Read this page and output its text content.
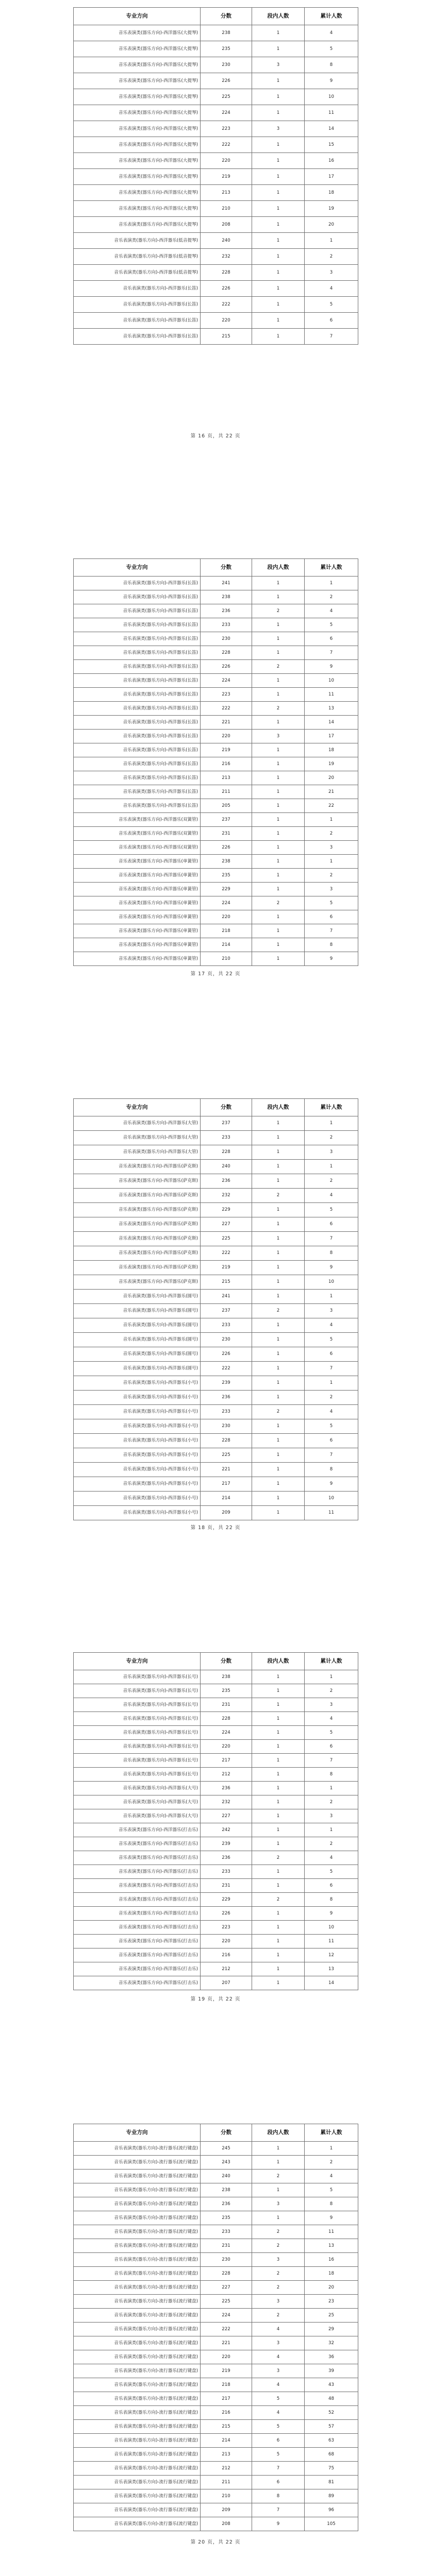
专业方向	分数	段内人数	累计人数
音乐表演类(器乐方向)-西洋器乐(大提琴)	238	1	4
音乐表演类(器乐方向)-西洋器乐(大提琴)	235	1	5
音乐表演类(器乐方向)-西洋器乐(大提琴)	230	3	8
音乐表演类(器乐方向)-西洋器乐(大提琴)	226	1	9
音乐表演类(器乐方向)-西洋器乐(大提琴)	225	1	10
音乐表演类(器乐方向)-西洋器乐(大提琴)	224	1	11
音乐表演类(器乐方向)-西洋器乐(大提琴)	223	3	14
音乐表演类(器乐方向)-西洋器乐(大提琴)	222	1	15
音乐表演类(器乐方向)-西洋器乐(大提琴)	220	1	16
音乐表演类(器乐方向)-西洋器乐(大提琴)	219	1	17
音乐表演类(器乐方向)-西洋器乐(大提琴)	213	1	18
音乐表演类(器乐方向)-西洋器乐(大提琴)	210	1	19
音乐表演类(器乐方向)-西洋器乐(大提琴)	208	1	20
音乐表演类(器乐方向)-西洋器乐(低音提琴)	240	1	1
音乐表演类(器乐方向)-西洋器乐(低音提琴)	232	1	2
音乐表演类(器乐方向)-西洋器乐(低音提琴)	228	1	3
音乐表演类(器乐方向)-西洋器乐(长笛)	226	1	4
音乐表演类(器乐方向)-西洋器乐(长笛)	222	1	5
音乐表演类(器乐方向)-西洋器乐(长笛)	220	1	6
音乐表演类(器乐方向)-西洋器乐(长笛)	215	1	7
第 16 页，共 22 页
专业方向	分数	段内人数	累计人数
音乐表演类(器乐方向)-西洋器乐(长笛)	241	1	1
音乐表演类(器乐方向)-西洋器乐(长笛)	238	1	2
音乐表演类(器乐方向)-西洋器乐(长笛)	236	2	4
音乐表演类(器乐方向)-西洋器乐(长笛)	233	1	5
音乐表演类(器乐方向)-西洋器乐(长笛)	230	1	6
音乐表演类(器乐方向)-西洋器乐(长笛)	228	1	7
音乐表演类(器乐方向)-西洋器乐(长笛)	226	2	9
音乐表演类(器乐方向)-西洋器乐(长笛)	224	1	10
音乐表演类(器乐方向)-西洋器乐(长笛)	223	1	11
音乐表演类(器乐方向)-西洋器乐(长笛)	222	2	13
音乐表演类(器乐方向)-西洋器乐(长笛)	221	1	14
音乐表演类(器乐方向)-西洋器乐(长笛)	220	3	17
音乐表演类(器乐方向)-西洋器乐(长笛)	219	1	18
音乐表演类(器乐方向)-西洋器乐(长笛)	216	1	19
音乐表演类(器乐方向)-西洋器乐(长笛)	213	1	20
音乐表演类(器乐方向)-西洋器乐(长笛)	211	1	21
音乐表演类(器乐方向)-西洋器乐(长笛)	205	1	22
音乐表演类(器乐方向)-西洋器乐(双簧管)	237	1	1
音乐表演类(器乐方向)-西洋器乐(双簧管)	231	1	2
音乐表演类(器乐方向)-西洋器乐(双簧管)	226	1	3
音乐表演类(器乐方向)-西洋器乐(单簧管)	238	1	1
音乐表演类(器乐方向)-西洋器乐(单簧管)	235	1	2
音乐表演类(器乐方向)-西洋器乐(单簧管)	229	1	3
音乐表演类(器乐方向)-西洋器乐(单簧管)	224	2	5
音乐表演类(器乐方向)-西洋器乐(单簧管)	220	1	6
音乐表演类(器乐方向)-西洋器乐(单簧管)	218	1	7
音乐表演类(器乐方向)-西洋器乐(单簧管)	214	1	8
音乐表演类(器乐方向)-西洋器乐(单簧管)	210	1	9
第 17 页，共 22 页
专业方向	分数	段内人数	累计人数
音乐表演类(器乐方向)-西洋器乐(大管)	237	1	1
音乐表演类(器乐方向)-西洋器乐(大管)	233	1	2
音乐表演类(器乐方向)-西洋器乐(大管)	228	1	3
音乐表演类(器乐方向)-西洋器乐(萨克斯)	240	1	1
音乐表演类(器乐方向)-西洋器乐(萨克斯)	236	1	2
音乐表演类(器乐方向)-西洋器乐(萨克斯)	232	2	4
音乐表演类(器乐方向)-西洋器乐(萨克斯)	229	1	5
音乐表演类(器乐方向)-西洋器乐(萨克斯)	227	1	6
音乐表演类(器乐方向)-西洋器乐(萨克斯)	225	1	7
音乐表演类(器乐方向)-西洋器乐(萨克斯)	222	1	8
音乐表演类(器乐方向)-西洋器乐(萨克斯)	219	1	9
音乐表演类(器乐方向)-西洋器乐(萨克斯)	215	1	10
音乐表演类(器乐方向)-西洋器乐(圆号)	241	1	1
音乐表演类(器乐方向)-西洋器乐(圆号)	237	2	3
音乐表演类(器乐方向)-西洋器乐(圆号)	233	1	4
音乐表演类(器乐方向)-西洋器乐(圆号)	230	1	5
音乐表演类(器乐方向)-西洋器乐(圆号)	226	1	6
音乐表演类(器乐方向)-西洋器乐(圆号)	222	1	7
音乐表演类(器乐方向)-西洋器乐(小号)	239	1	1
音乐表演类(器乐方向)-西洋器乐(小号)	236	1	2
音乐表演类(器乐方向)-西洋器乐(小号)	233	2	4
音乐表演类(器乐方向)-西洋器乐(小号)	230	1	5
音乐表演类(器乐方向)-西洋器乐(小号)	228	1	6
音乐表演类(器乐方向)-西洋器乐(小号)	225	1	7
音乐表演类(器乐方向)-西洋器乐(小号)	221	1	8
音乐表演类(器乐方向)-西洋器乐(小号)	217	1	9
音乐表演类(器乐方向)-西洋器乐(小号)	214	1	10
音乐表演类(器乐方向)-西洋器乐(小号)	209	1	11
第 18 页，共 22 页
专业方向	分数	段内人数	累计人数
音乐表演类(器乐方向)-西洋器乐(长号)	238	1	1
音乐表演类(器乐方向)-西洋器乐(长号)	235	1	2
音乐表演类(器乐方向)-西洋器乐(长号)	231	1	3
音乐表演类(器乐方向)-西洋器乐(长号)	228	1	4
音乐表演类(器乐方向)-西洋器乐(长号)	224	1	5
音乐表演类(器乐方向)-西洋器乐(长号)	220	1	6
音乐表演类(器乐方向)-西洋器乐(长号)	217	1	7
音乐表演类(器乐方向)-西洋器乐(长号)	212	1	8
音乐表演类(器乐方向)-西洋器乐(大号)	236	1	1
音乐表演类(器乐方向)-西洋器乐(大号)	232	1	2
音乐表演类(器乐方向)-西洋器乐(大号)	227	1	3
音乐表演类(器乐方向)-西洋器乐(打击乐)	242	1	1
音乐表演类(器乐方向)-西洋器乐(打击乐)	239	1	2
音乐表演类(器乐方向)-西洋器乐(打击乐)	236	2	4
音乐表演类(器乐方向)-西洋器乐(打击乐)	233	1	5
音乐表演类(器乐方向)-西洋器乐(打击乐)	231	1	6
音乐表演类(器乐方向)-西洋器乐(打击乐)	229	2	8
音乐表演类(器乐方向)-西洋器乐(打击乐)	226	1	9
音乐表演类(器乐方向)-西洋器乐(打击乐)	223	1	10
音乐表演类(器乐方向)-西洋器乐(打击乐)	220	1	11
音乐表演类(器乐方向)-西洋器乐(打击乐)	216	1	12
音乐表演类(器乐方向)-西洋器乐(打击乐)	212	1	13
音乐表演类(器乐方向)-西洋器乐(打击乐)	207	1	14
第 19 页，共 22 页
专业方向	分数	段内人数	累计人数
音乐表演类(器乐方向)-流行器乐(流行键盘)	245	1	1
音乐表演类(器乐方向)-流行器乐(流行键盘)	243	1	2
音乐表演类(器乐方向)-流行器乐(流行键盘)	240	2	4
音乐表演类(器乐方向)-流行器乐(流行键盘)	238	1	5
音乐表演类(器乐方向)-流行器乐(流行键盘)	236	3	8
音乐表演类(器乐方向)-流行器乐(流行键盘)	235	1	9
音乐表演类(器乐方向)-流行器乐(流行键盘)	233	2	11
音乐表演类(器乐方向)-流行器乐(流行键盘)	231	2	13
音乐表演类(器乐方向)-流行器乐(流行键盘)	230	3	16
音乐表演类(器乐方向)-流行器乐(流行键盘)	228	2	18
音乐表演类(器乐方向)-流行器乐(流行键盘)	227	2	20
音乐表演类(器乐方向)-流行器乐(流行键盘)	225	3	23
音乐表演类(器乐方向)-流行器乐(流行键盘)	224	2	25
音乐表演类(器乐方向)-流行器乐(流行键盘)	222	4	29
音乐表演类(器乐方向)-流行器乐(流行键盘)	221	3	32
音乐表演类(器乐方向)-流行器乐(流行键盘)	220	4	36
音乐表演类(器乐方向)-流行器乐(流行键盘)	219	3	39
音乐表演类(器乐方向)-流行器乐(流行键盘)	218	4	43
音乐表演类(器乐方向)-流行器乐(流行键盘)	217	5	48
音乐表演类(器乐方向)-流行器乐(流行键盘)	216	4	52
音乐表演类(器乐方向)-流行器乐(流行键盘)	215	5	57
音乐表演类(器乐方向)-流行器乐(流行键盘)	214	6	63
音乐表演类(器乐方向)-流行器乐(流行键盘)	213	5	68
音乐表演类(器乐方向)-流行器乐(流行键盘)	212	7	75
音乐表演类(器乐方向)-流行器乐(流行键盘)	211	6	81
音乐表演类(器乐方向)-流行器乐(流行键盘)	210	8	89
音乐表演类(器乐方向)-流行器乐(流行键盘)	209	7	96
音乐表演类(器乐方向)-流行器乐(流行键盘)	208	9	105
第 20 页，共 22 页
